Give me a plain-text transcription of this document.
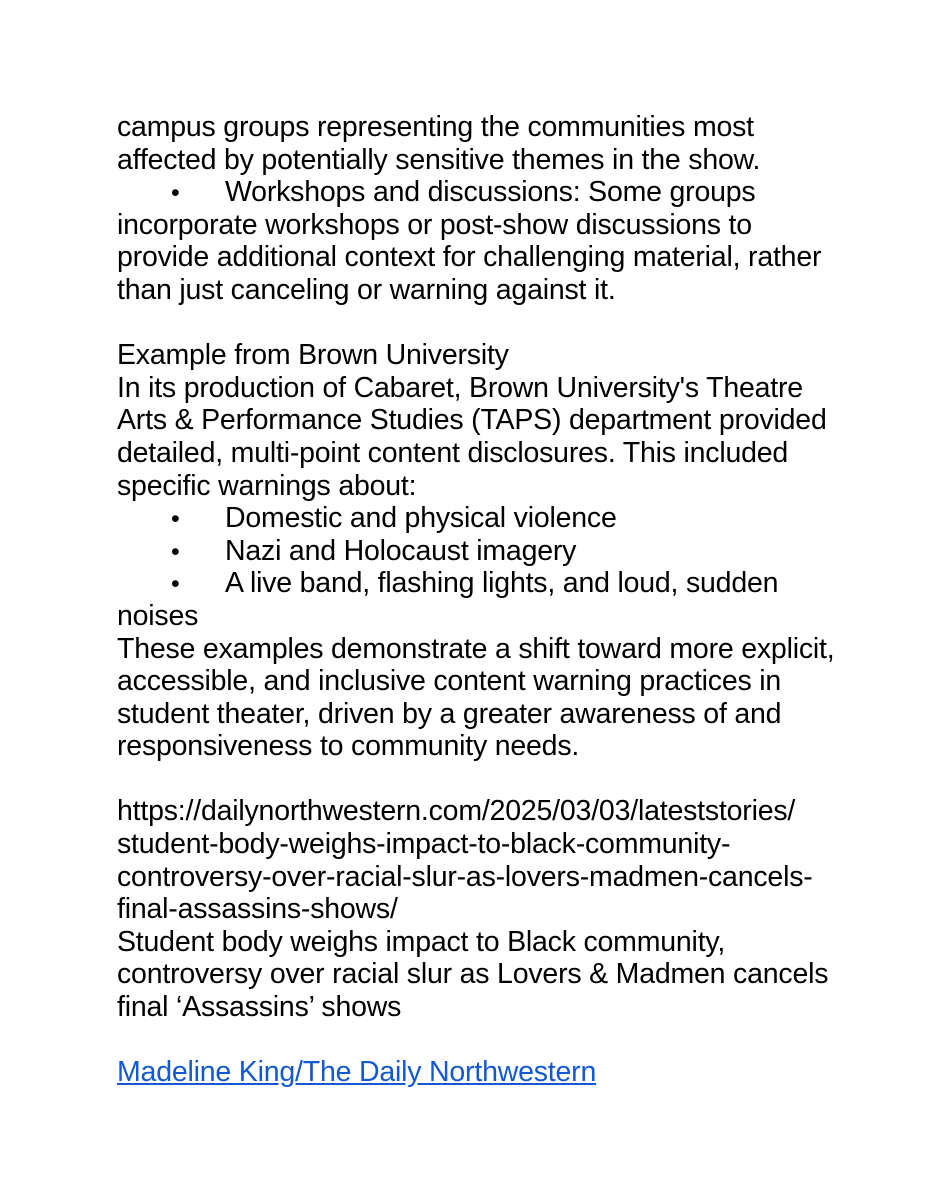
campus groups representing the communities most
affected by potentially sensitive themes in the show.
• Workshops and discussions: Some groups
incorporate workshops or post-show discussions to
provide additional context for challenging material, rather
than just canceling or warning against it.
Example from Brown University
In its production of Cabaret, Brown University's Theatre
Arts & Performance Studies (TAPS) department provided
detailed, multi-point content disclosures. This included
specific warnings about:
• Domestic and physical violence
• Nazi and Holocaust imagery
• A live band, flashing lights, and loud, sudden
noises
These examples demonstrate a shift toward more explicit,
accessible, and inclusive content warning practices in
student theater, driven by a greater awareness of and
responsiveness to community needs.
https://dailynorthwestern.com/2025/03/03/lateststories/
student-body-weighs-impact-to-black-community-
controversy-over-racial-slur-as-lovers-madmen-cancels-
final-assassins-shows/
Student body weighs impact to Black community,
controversy over racial slur as Lovers & Madmen cancels
final ‘Assassins’ shows
Madeline King/The Daily Northwestern
